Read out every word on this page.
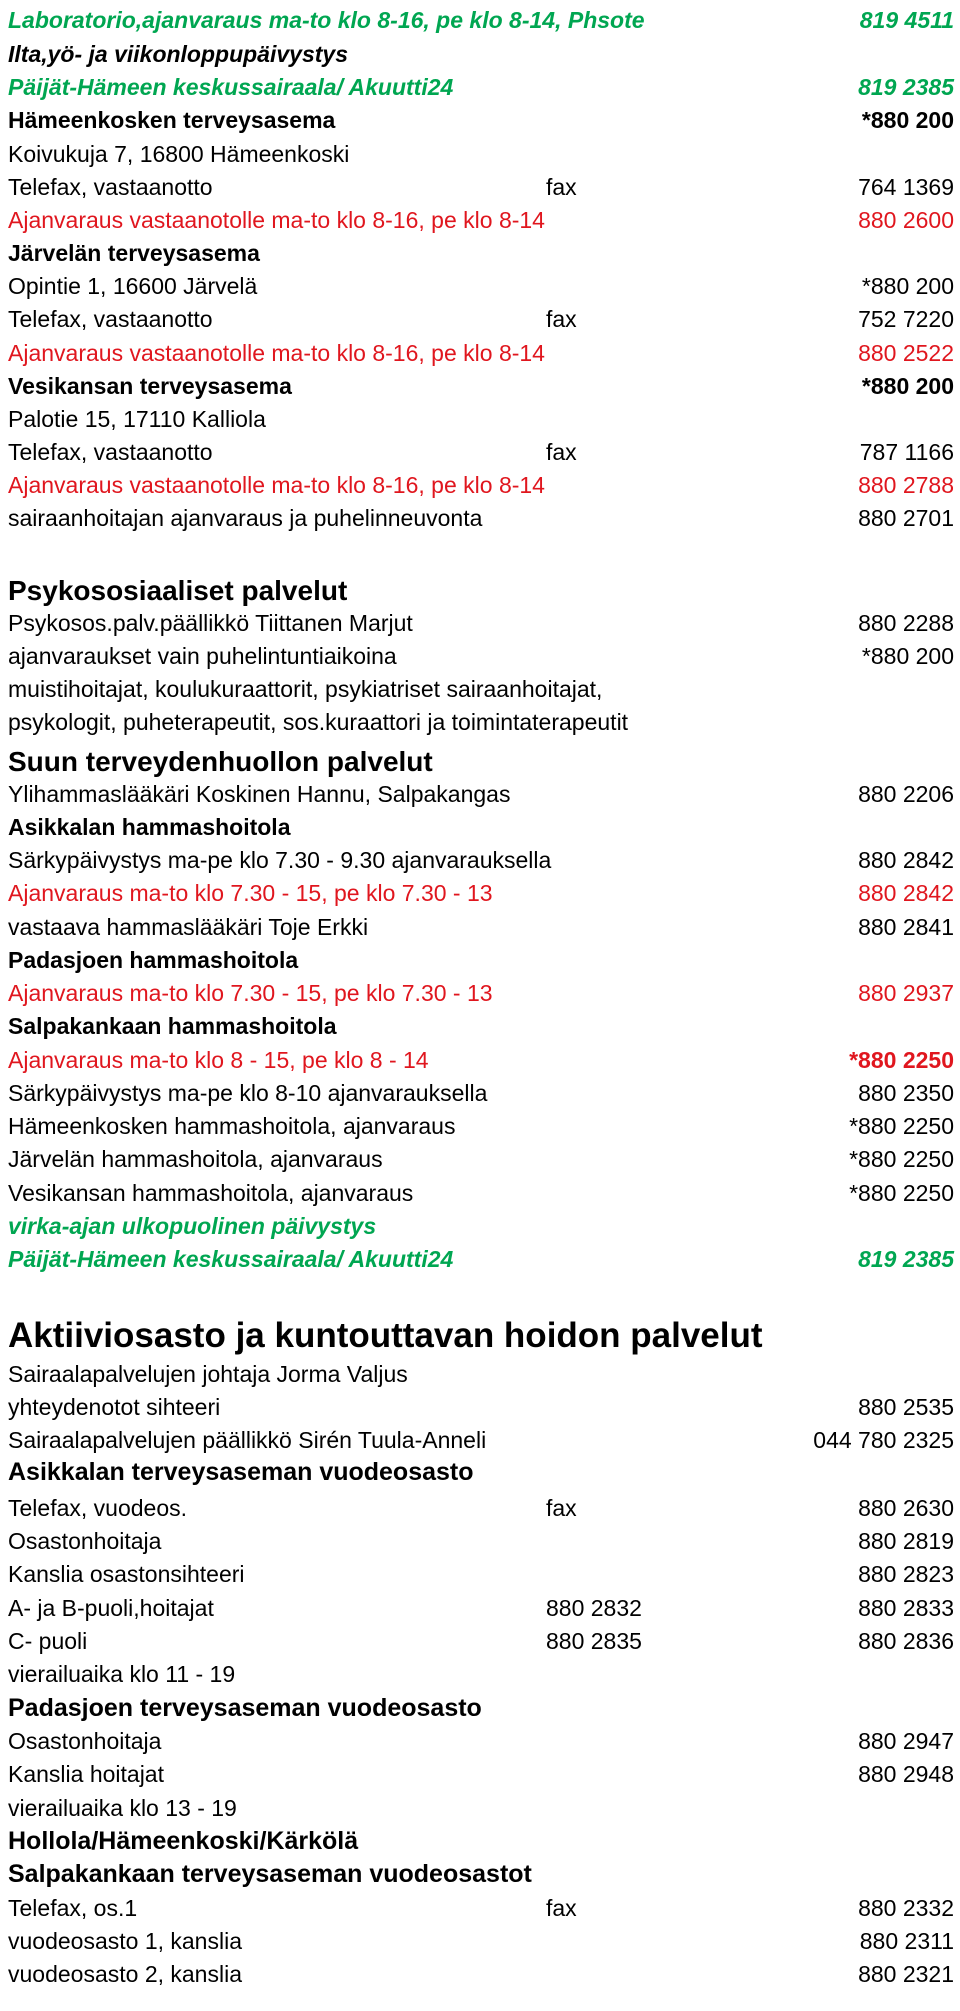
Laboratorio,ajanvaraus ma-to klo 8-16, pe klo 8-14, Phsote	819 4511
Ilta,yö- ja viikonloppupäivystys
Päijät-Hämeen keskussairaala/ Akuutti24	819 2385
Hämeenkosken terveysasema	*880 200
Koivukuja 7, 16800 Hämeenkoski
Telefax, vastaanotto	fax	764 1369
Ajanvaraus vastaanotolle ma-to klo 8-16, pe klo 8-14	880 2600
Järvelän terveysasema
Opintie 1, 16600 Järvelä	*880 200
Telefax, vastaanotto	fax	752 7220
Ajanvaraus vastaanotolle ma-to klo 8-16, pe klo 8-14	880 2522
Vesikansan terveysasema	*880 200
Palotie 15, 17110 Kalliola
Telefax, vastaanotto	fax	787 1166
Ajanvaraus vastaanotolle ma-to klo 8-16, pe klo 8-14	880 2788
sairaanhoitajan ajanvaraus ja puhelinneuvonta	880 2701
Psykososiaaliset palvelut
Psykosos.palv.päällikkö Tiittanen Marjut	880 2288
ajanvaraukset vain puhelintuntiaikoina	*880 200
muistihoitajat, koulukuraattorit, psykiatriset sairaanhoitajat,
psykologit, puheterapeutit, sos.kuraattori ja toimintaterapeutit
Suun terveydenhuollon palvelut
Ylihammaslääkäri Koskinen Hannu, Salpakangas	880 2206
Asikkalan hammashoitola
Särkypäivystys ma-pe klo 7.30 - 9.30 ajanvarauksella	880 2842
Ajanvaraus ma-to klo 7.30 - 15, pe klo 7.30 - 13	880 2842
vastaava hammaslääkäri Toje Erkki	880 2841
Padasjoen hammashoitola
Ajanvaraus ma-to klo 7.30 - 15, pe klo 7.30 - 13	880 2937
Salpakankaan hammashoitola
Ajanvaraus ma-to klo 8 - 15, pe klo 8 - 14	*880 2250
Särkypäivystys ma-pe klo 8-10 ajanvarauksella	880 2350
Hämeenkosken hammashoitola, ajanvaraus	*880 2250
Järvelän hammashoitola, ajanvaraus	*880 2250
Vesikansan hammashoitola, ajanvaraus	*880 2250
virka-ajan ulkopuolinen päivystys
Päijät-Hämeen keskussairaala/ Akuutti24	819 2385
Aktiiviosasto ja kuntouttavan hoidon palvelut
Sairaalapalvelujen johtaja Jorma Valjus
yhteydenotot sihteeri	880 2535
Sairaalapalvelujen päällikkö Sirén Tuula-Anneli	044 780 2325
Asikkalan terveysaseman vuodeosasto
Telefax, vuodeos.	fax	880 2630
Osastonhoitaja	880 2819
Kanslia osastonsihteeri	880 2823
A- ja B-puoli,hoitajat	880 2832	880 2833
C- puoli	880 2835	880 2836
vierailuaika klo 11 - 19
Padasjoen terveysaseman vuodeosasto
Osastonhoitaja	880 2947
Kanslia hoitajat	880 2948
vierailuaika klo 13 - 19
Hollola/Hämeenkoski/Kärkölä
Salpakankaan terveysaseman vuodeosastot
Telefax, os.1	fax	880 2332
vuodeosasto 1, kanslia	880 2311
vuodeosasto 2, kanslia	880 2321
